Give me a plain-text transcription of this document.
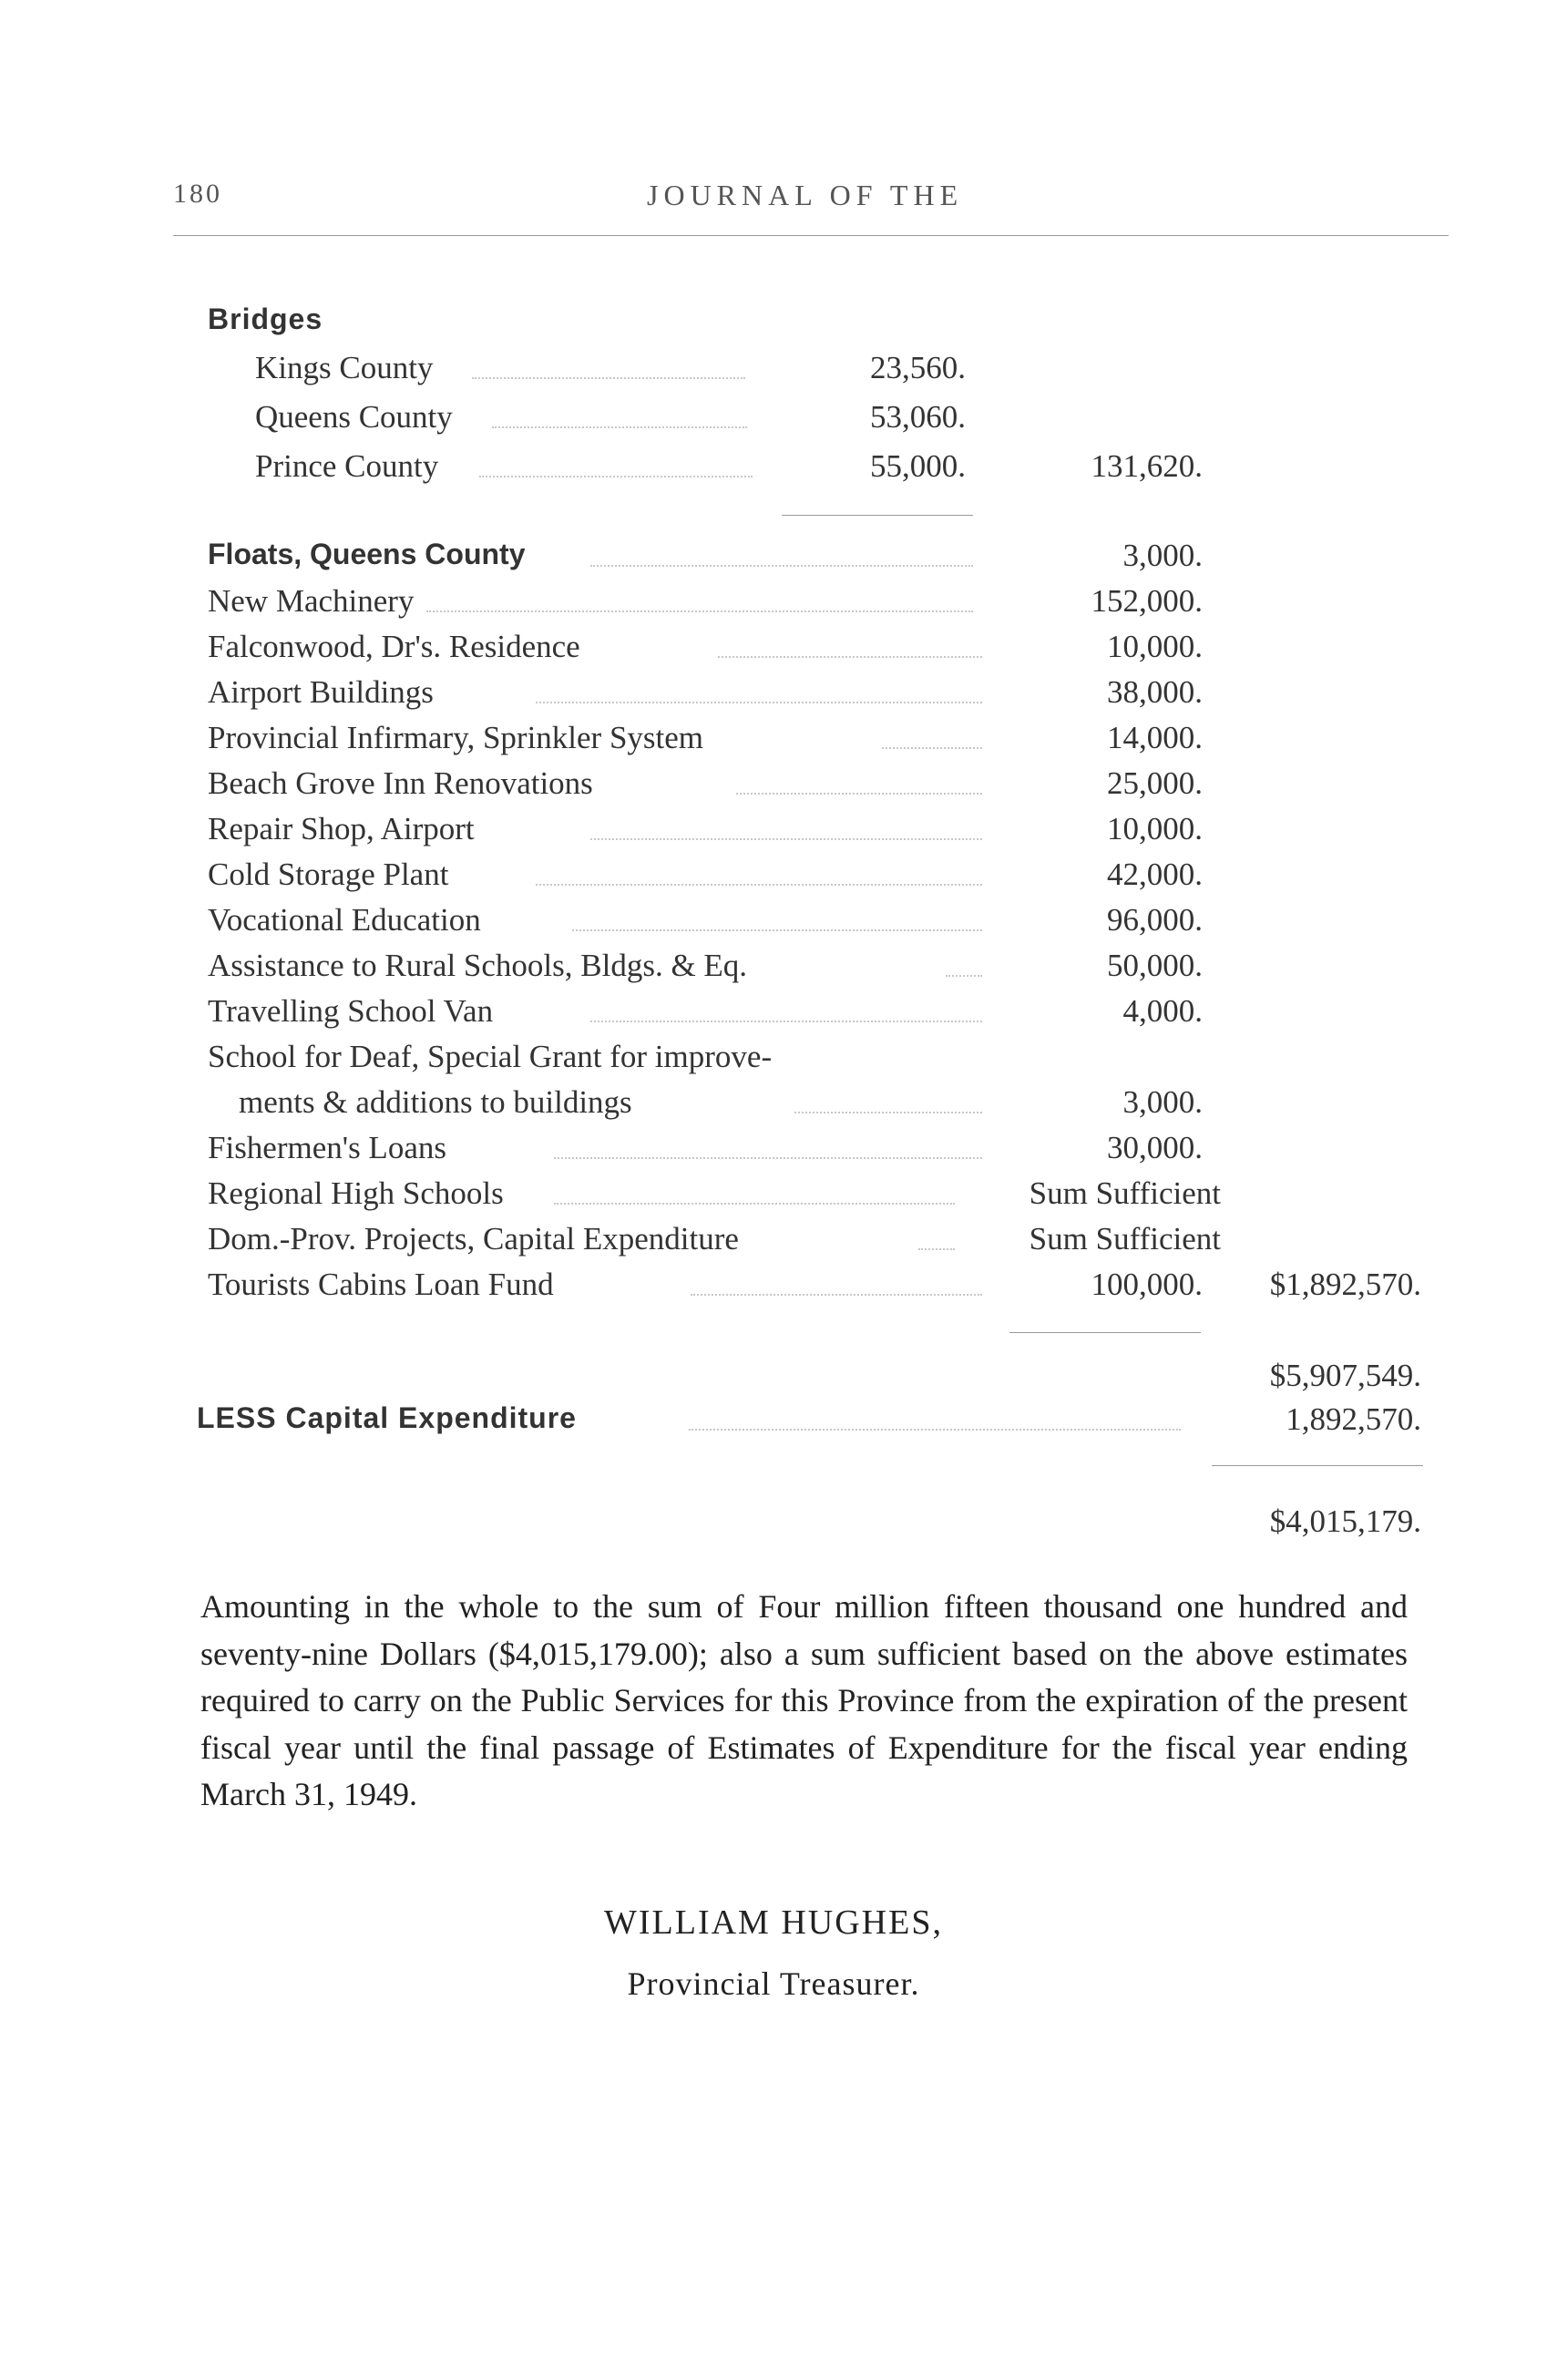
180	JOURNAL OF THE
Bridges
Kings County	23,560.
Queens County	53,060.
Prince County	55,000.	131,620.
Floats, Queens County	3,000.
New Machinery	152,000.
Falconwood, Dr's. Residence	10,000.
Airport Buildings	38,000.
Provincial Infirmary, Sprinkler System	14,000.
Beach Grove Inn Renovations	25,000.
Repair Shop, Airport	10,000.
Cold Storage Plant	42,000.
Vocational Education	96,000.
Assistance to Rural Schools, Bldgs. & Eq.	50,000.
Travelling School Van	4,000.
School for Deaf, Special Grant for improve-
ments & additions to buildings	3,000.
Fishermen's Loans	30,000.
Regional High Schools	Sum Sufficient
Dom.-Prov. Projects, Capital Expenditure	Sum Sufficient
Tourists Cabins Loan Fund	100,000.	$1,892,570.
$5,907,549.
LESS Capital Expenditure	1,892,570.
$4,015,179.
Amounting in the whole to the sum of Four million fifteen thousand one hundred and seventy-nine Dollars ($4,015,179.00); also a sum sufficient based on the above estimates required to carry on the Public Services for this Province from the expiration of the present fiscal year until the final passage of Estimates of Expenditure for the fiscal year ending March 31, 1949.
WILLIAM HUGHES,
Provincial Treasurer.
